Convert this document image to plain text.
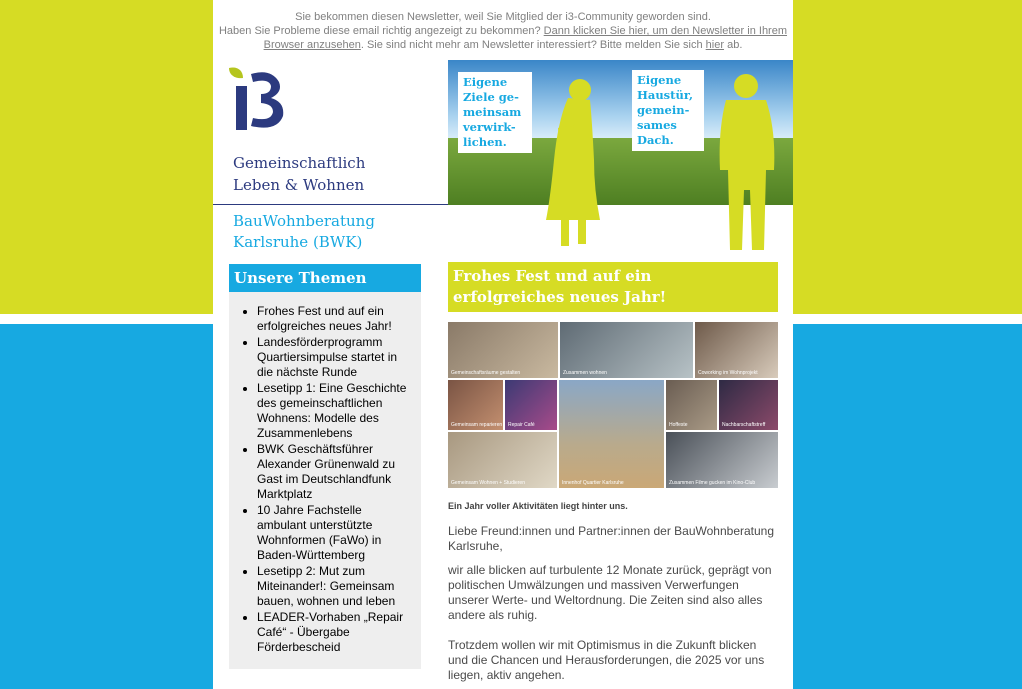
Sie bekommen diesen Newsletter, weil Sie Mitglied der i3-Community geworden sind.
Haben Sie Probleme diese email richtig angezeigt zu bekommen? Dann klicken Sie hier, um den Newsletter in Ihrem Browser anzusehen. Sie sind nicht mehr am Newsletter interessiert? Bitte melden Sie sich hier ab.
Gemeinschaftlich
Leben & Wohnen
BauWohnberatung
Karlsruhe (BWK)
Eigene
Ziele ge-
meinsam
verwirk-
lichen.
Eigene
Haustür,
gemein-
sames
Dach.
Unsere Themen
• Frohes Fest und auf ein erfolgreiches neues Jahr!
• Landesförderprogramm Quartiersimpulse startet in die nächste Runde
• Lesetipp 1: Eine Geschichte des gemeinschaftlichen Wohnens: Modelle des Zusammenlebens
• BWK Geschäftsführer Alexander Grünenwald zu Gast im Deutschlandfunk Marktplatz
• 10 Jahre Fachstelle ambulant unterstützte Wohnformen (FaWo) in Baden-Württemberg
• Lesetipp 2: Mut zum Miteinander!: Gemeinsam bauen, wohnen und leben
• LEADER-Vorhaben „Repair Café“ - Übergabe Förderbescheid
Frohes Fest und auf ein
erfolgreiches neues Jahr!
Gemeinschaftsräume gestalten	Zusammen wohnen	Coworking im Wohnprojekt
Gemeinsam reparieren Repair Café	Hoffeste	Nachbarschaftstreff
Gemeinsam Wohnen + Studieren	Innenhof Quartier Karlsruhe	Zusammen Filme gucken im Kino-Club
Ein Jahr voller Aktivitäten liegt hinter uns.
Liebe Freund:innen und Partner:innen der BauWohnberatung Karlsruhe,
wir alle blicken auf turbulente 12 Monate zurück, geprägt von politischen Umwälzungen und massiven Verwerfungen unserer Werte- und Weltordnung. Die Zeiten sind also alles andere als ruhig.
Trotzdem wollen wir mit Optimismus in die Zukunft blicken und die Chancen und Herausforderungen, die 2025 vor uns liegen, aktiv angehen.
